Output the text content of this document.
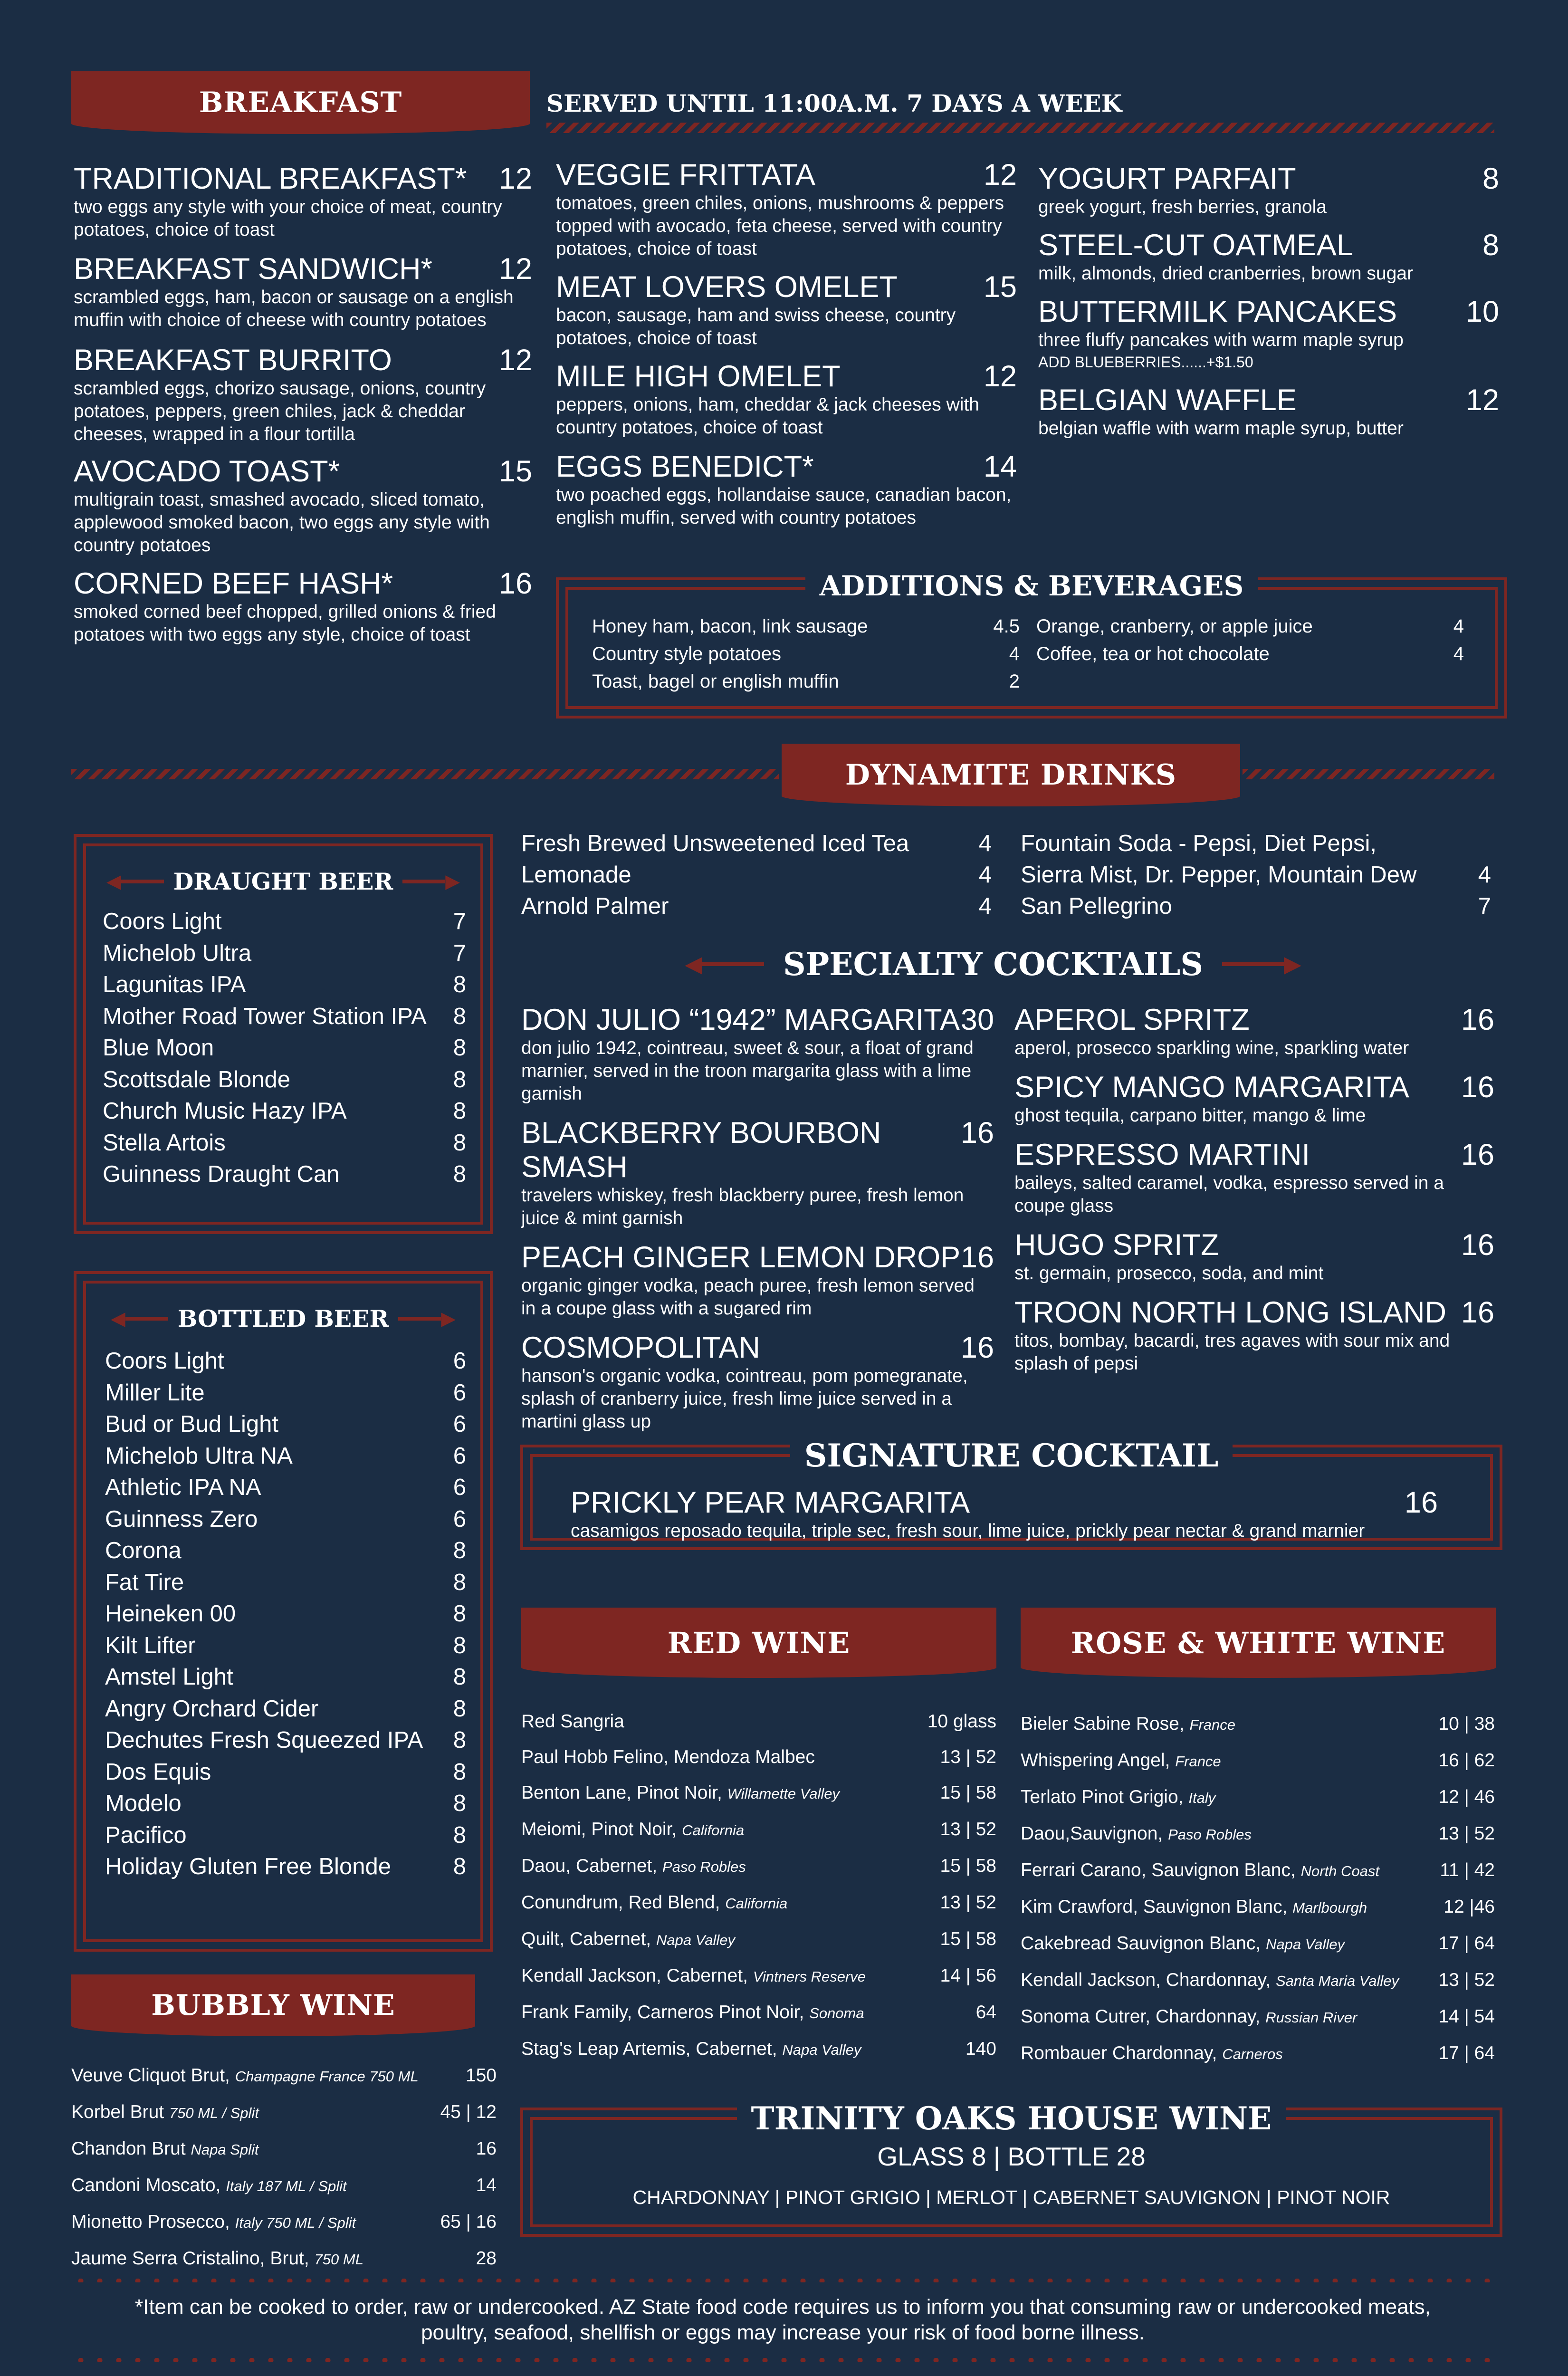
BREAKFAST	SERVED UNTIL 11:00A.M. 7 DAYS A WEEK
TRADITIONAL BREAKFAST* 12
two eggs any style with your choice of meat, country potatoes, choice of toast
BREAKFAST SANDWICH* 12
scrambled eggs, ham, bacon or sausage on a english muffin with choice of cheese with country potatoes
BREAKFAST BURRITO	12
scrambled eggs, chorizo sausage, onions, country potatoes, peppers, green chiles, jack & cheddar cheeses, wrapped in a flour tortilla
AVOCADO TOAST*	15
multigrain toast, smashed avocado, sliced tomato, applewood smoked bacon, two eggs any style with country potatoes
CORNED BEEF HASH*	16
smoked corned beef chopped, grilled onions & fried potatoes with two eggs any style, choice of toast
VEGGIE FRITTATA	12
tomatoes, green chiles, onions, mushrooms & peppers topped with avocado, feta cheese, served with country potatoes, choice of toast
MEAT LOVERS OMELET	15
bacon, sausage, ham and swiss cheese, country potatoes, choice of toast
MILE HIGH OMELET	12
peppers, onions, ham, cheddar & jack cheeses with country potatoes, choice of toast
EGGS BENEDICT*	14
two poached eggs, hollandaise sauce, canadian bacon, english muffin, served with country potatoes
YOGURT PARFAIT	8
greek yogurt, fresh berries, granola
STEEL-CUT OATMEAL	8
milk, almonds, dried cranberries, brown sugar
BUTTERMILK PANCAKES 10
three fluffy pancakes with warm maple syrup
ADD BLUEBERRIES......+$1.50
BELGIAN WAFFLE	12
belgian waffle with warm maple syrup, butter
ADDITIONS & BEVERAGES
Honey ham, bacon, link sausage	4.5
Country style potatoes	4
Toast, bagel or english muffin	2
Orange, cranberry, or apple juice	4
Coffee, tea or hot chocolate	4
DYNAMITE DRINKS
◀ DRAUGHT BEER	▶
Coors Light	7
Michelob Ultra	7
Lagunitas IPA	8
Mother Road Tower Station IPA 8
Blue Moon	8
Scottsdale Blonde	8
Church Music Hazy IPA	8
Stella Artois	8
Guinness Draught Can	8
◀ BOTTLED BEER	▶
Coors Light	6
Miller Lite	6
Bud or Bud Light	6
Michelob Ultra NA	6
Athletic IPA NA	6
Guinness Zero	6
Corona	8
Fat Tire	8
Heineken 00	8
Kilt Lifter	8
Amstel Light	8
Angry Orchard Cider	8
Dechutes Fresh Squeezed IPA 8
Dos Equis	8
Modelo	8
Pacifico	8
Holiday Gluten Free Blonde	8
BUBBLY WINE
Veuve Cliquot Brut, Champagne France 750 ML	150
Korbel Brut 750 ML / Split	45 | 12
Chandon Brut Napa Split	16
Candoni Moscato, Italy 187 ML / Split	14
Mionetto Prosecco, Italy 750 ML / Split	65 | 16
Jaume Serra Cristalino, Brut, 750 ML	28
Fresh Brewed Unsweetened Iced Tea	4
Lemonade	4
Arnold Palmer	4
Fountain Soda - Pepsi, Diet Pepsi,
Sierra Mist, Dr. Pepper, Mountain Dew	4
San Pellegrino	7
◀	SPECIALTY COCKTAILS	▶
DON JULIO “1942” MARGARITA 30
don julio 1942, cointreau, sweet & sour, a float of grand marnier, served in the troon margarita glass with a lime garnish
BLACKBERRY BOURBON SMASH
16
travelers whiskey, fresh blackberry puree, fresh lemon juice & mint garnish
PEACH GINGER LEMON DROP 16
organic ginger vodka, peach puree, fresh lemon served in a coupe glass with a sugared rim
COSMOPOLITAN	16
hanson's organic vodka, cointreau, pom pomegranate, splash of cranberry juice, fresh lime juice served in a martini glass up
APEROL SPRITZ	16
aperol, prosecco sparkling wine, sparkling water
SPICY MANGO MARGARITA 16
ghost tequila, carpano bitter, mango & lime
ESPRESSO MARTINI	16
baileys, salted caramel, vodka, espresso served in a coupe glass
HUGO SPRITZ	16
st. germain, prosecco, soda, and mint
TROON NORTH LONG ISLAND 16
titos, bombay, bacardi, tres agaves with sour mix and splash of pepsi
SIGNATURE COCKTAIL
PRICKLY PEAR MARGARITA	16
casamigos reposado tequila, triple sec, fresh sour, lime juice, prickly pear nectar & grand marnier
RED WINE
Red Sangria	10 glass
Paul Hobb Felino, Mendoza Malbec	13 | 52
Benton Lane, Pinot Noir, Willamette Valley	15 | 58
Meiomi, Pinot Noir, California	13 | 52
Daou, Cabernet, Paso Robles	15 | 58
Conundrum, Red Blend, California	13 | 52
Quilt, Cabernet, Napa Valley	15 | 58
Kendall Jackson, Cabernet, Vintners Reserve	14 | 56
Frank Family, Carneros Pinot Noir, Sonoma	64
Stag's Leap Artemis, Cabernet, Napa Valley	140
ROSE & WHITE WINE
Bieler Sabine Rose, France	10 | 38
Whispering Angel, France	16 | 62
Terlato Pinot Grigio, Italy	12 | 46
Daou,Sauvignon, Paso Robles	13 | 52
Ferrari Carano, Sauvignon Blanc, North Coast	11 | 42
Kim Crawford, Sauvignon Blanc, Marlbourgh	12 |46
Cakebread Sauvignon Blanc, Napa Valley	17 | 64
Kendall Jackson, Chardonnay, Santa Maria Valley 13 | 52
Sonoma Cutrer, Chardonnay, Russian River	14 | 54
Rombauer Chardonnay, Carneros	17 | 64
TRINITY OAKS HOUSE WINE
GLASS 8 | BOTTLE 28
CHARDONNAY | PINOT GRIGIO | MERLOT | CABERNET SAUVIGNON | PINOT NOIR
*Item can be cooked to order, raw or undercooked. AZ State food code requires us to inform you that consuming raw or undercooked meats,
poultry, seafood, shellfish or eggs may increase your risk of food borne illness.
